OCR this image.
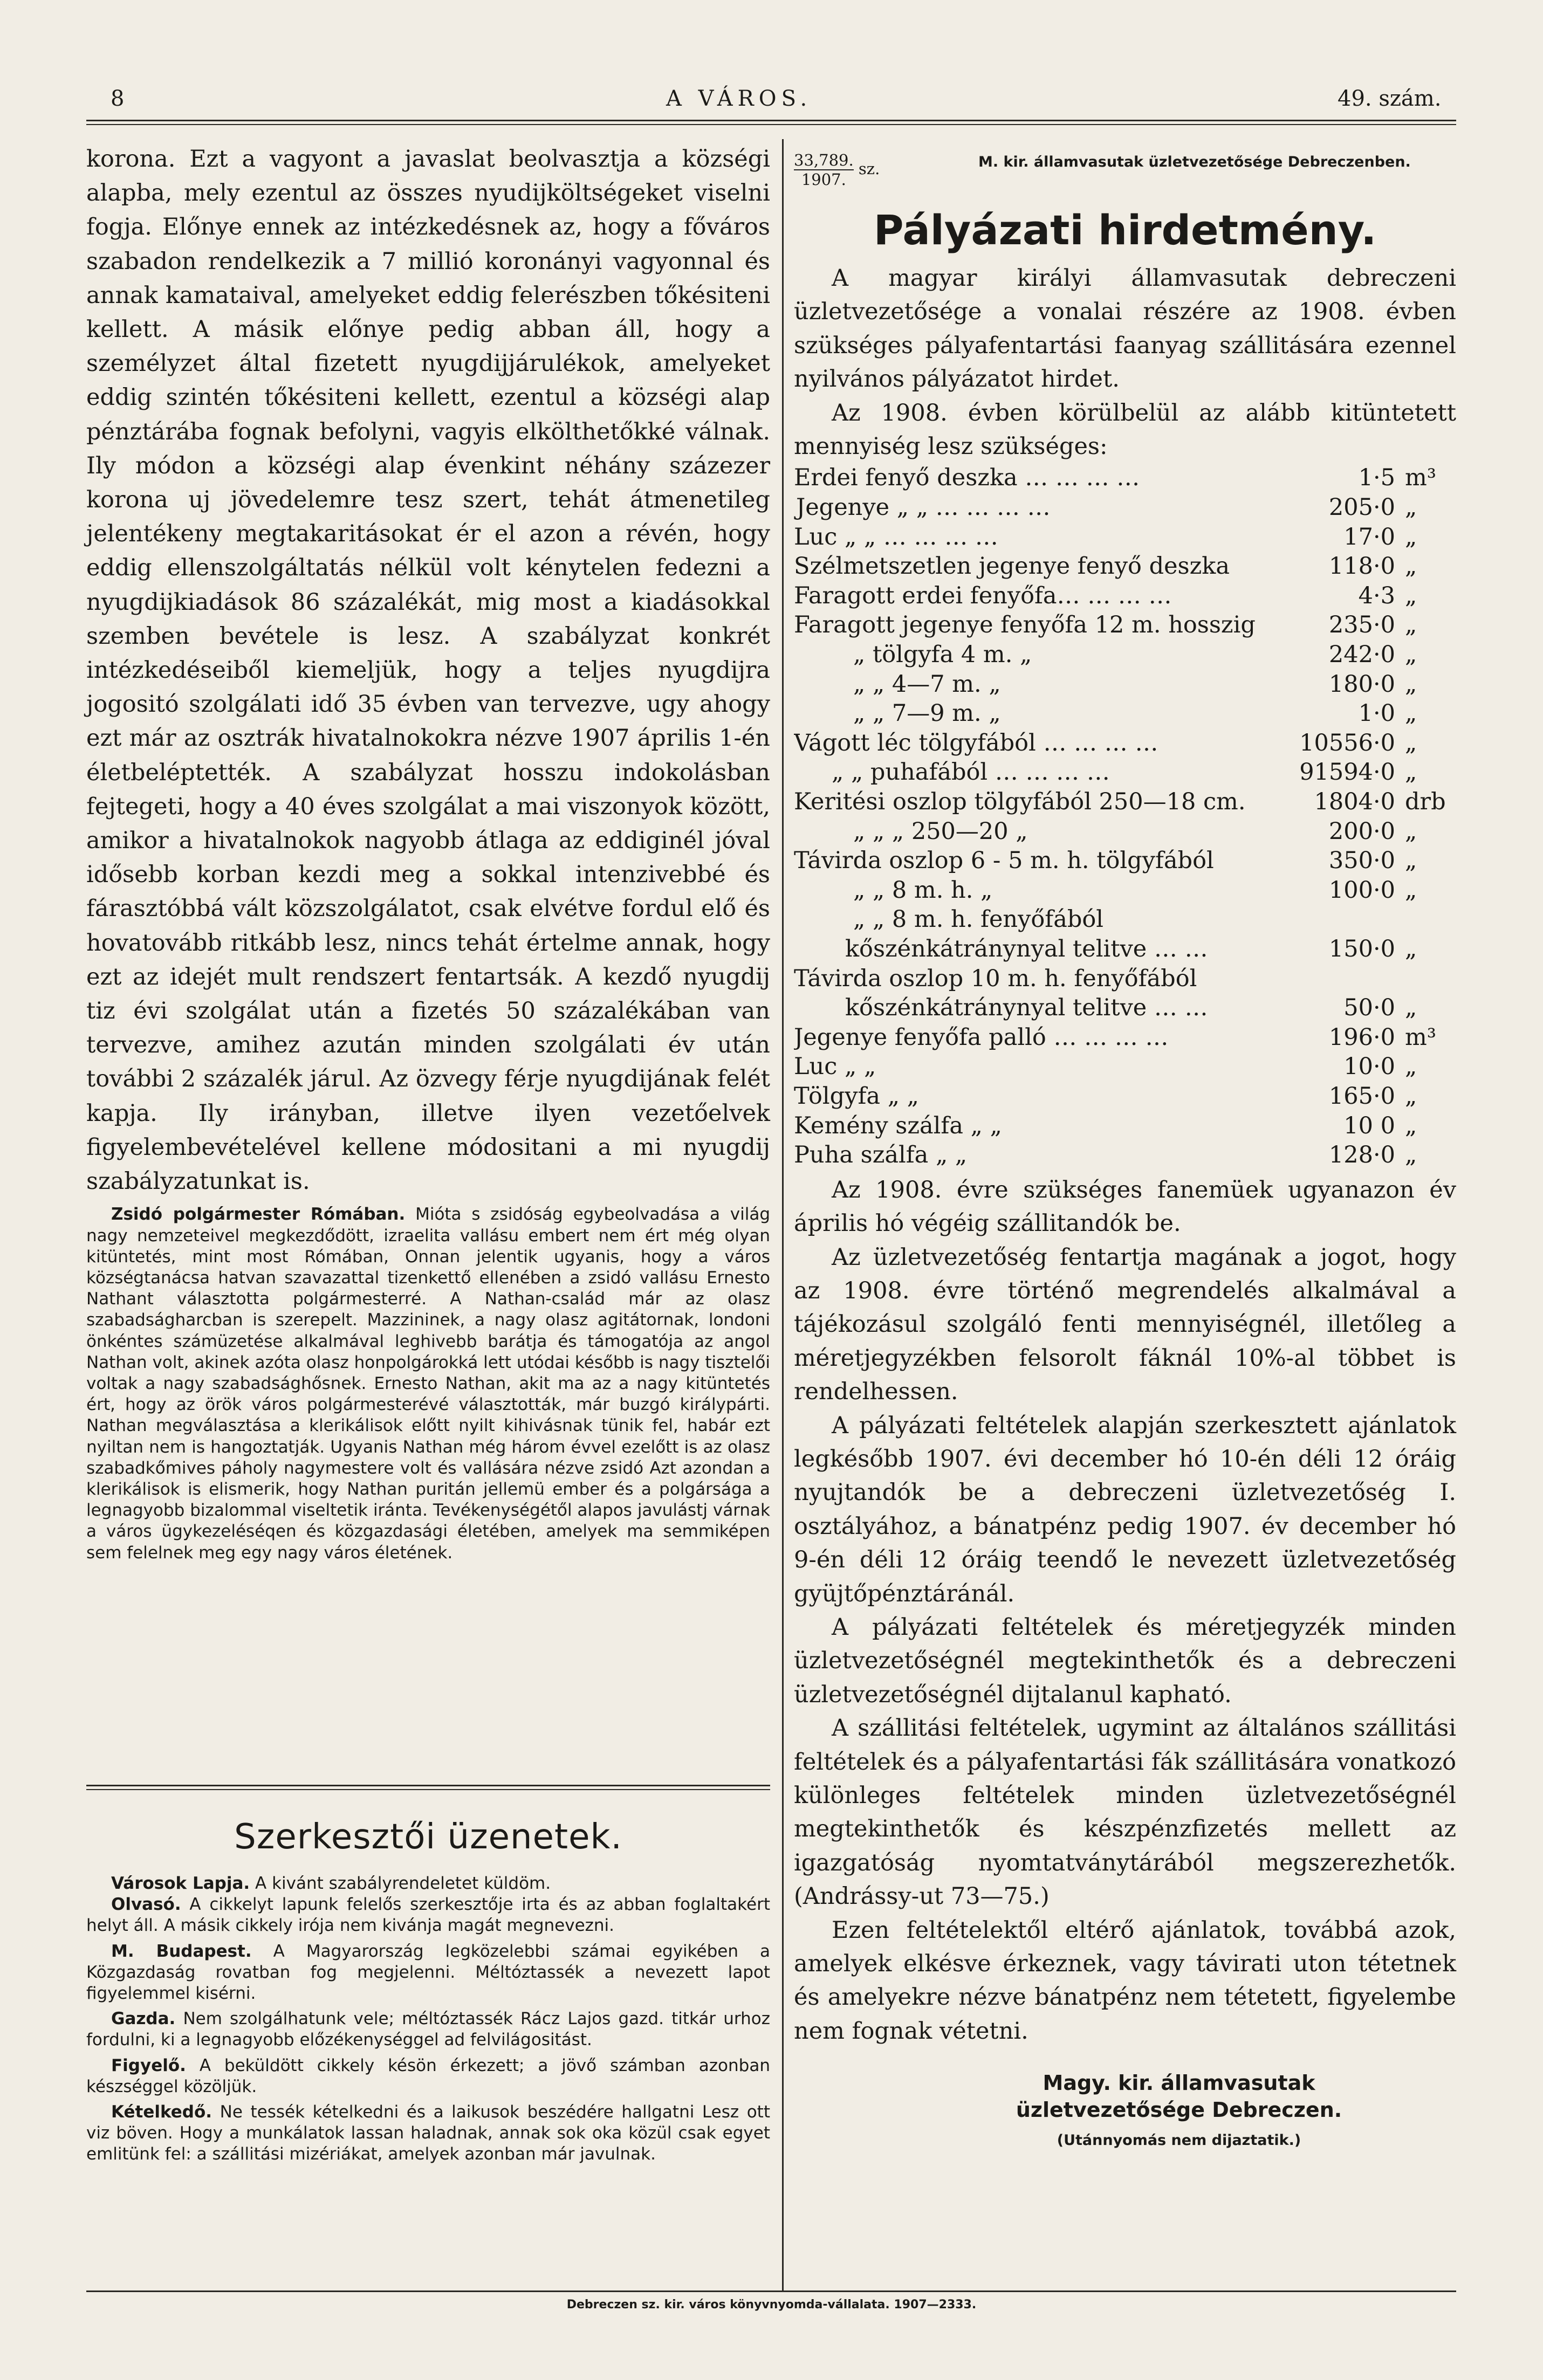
8	A VÁROS.	49. szám.

korona. Ezt a vagyont a javaslat beolvasztja a községi alapba, mely ezentul az összes nyudijköltségeket viselni fogja. Előnye ennek az intézkedésnek az, hogy a főváros szabadon rendelkezik a 7 millió koronányi vagyonnal és annak kamataival, amelyeket eddig felerészben tőkésiteni kellett. A másik előnye pedig abban áll, hogy a személyzet által fizetett nyugdijjárulékok, amelyeket eddig szintén tőkésiteni kellett, ezentul a községi alap pénztárába fognak befolyni, vagyis elkölthetőkké válnak. Ily módon a községi alap évenkint néhány százezer korona uj jövedelemre tesz szert, tehát átmenetileg jelentékeny megtakaritásokat ér el azon a révén, hogy eddig ellenszolgáltatás nélkül volt kénytelen fedezni a nyugdijkiadások 86 százalékát, mig most a kiadásokkal szemben bevétele is lesz. A szabályzat konkrét intézkedéseiből kiemeljük, hogy a teljes nyugdijra jogositó szolgálati idő 35 évben van tervezve, ugy ahogy ezt már az osztrák hivatalnokokra nézve 1907 április 1-én életbeléptették. A szabályzat hosszu indokolásban fejtegeti, hogy a 40 éves szolgálat a mai viszonyok között, amikor a hivatalnokok nagyobb átlaga az eddiginél jóval idősebb korban kezdi meg a sokkal intenzivebbé és fárasztóbbá vált közszolgálatot, csak elvétve fordul elő és hovatovább ritkább lesz, nincs tehát értelme annak, hogy ezt az idejét mult rendszert fentartsák. A kezdő nyugdij tiz évi szolgálat után a fizetés 50 százalékában van tervezve, amihez azután minden szolgálati év után további 2 százalék járul. Az özvegy férje nyugdijának felét kapja. Ily irányban, illetve ilyen vezetőelvek figyelembevételével kellene módositani a mi nyugdij szabályzatunkat is.

Zsidó polgármester Rómában. Mióta s zsidóság egybeolvadása a világ nagy nemzeteivel megkezdődött, izraelita vallásu embert nem ért még olyan kitüntetés, mint most Rómában, Onnan jelentik ugyanis, hogy a város községtanácsa hatvan szavazattal tizenkettő ellenében a zsidó vallásu Ernesto Nathant választotta polgármesterré. A Nathan-család már az olasz szabadságharcban is szerepelt. Mazzininek, a nagy olasz agitátornak, londoni önkéntes számüzetése alkalmával leghivebb barátja és támogatója az angol Nathan volt, akinek azóta olasz honpolgárokká lett utódai később is nagy tisztelői voltak a nagy szabadsághősnek. Ernesto Nathan, akit ma az a nagy kitüntetés ért, hogy az örök város polgármesterévé választották, már buzgó királypárti. Nathan megválasztása a klerikálisok előtt nyilt kihivásnak tünik fel, habár ezt nyiltan nem is hangoztatják. Ugyanis Nathan még három évvel ezelőtt is az olasz szabadkőmives páholy nagymestere volt és vallására nézve zsidó Azt azondan a klerikálisok is elismerik, hogy Nathan puritán jellemü ember és a polgársága a legnagyobb bizalommal viseltetik iránta. Tevékenységétől alapos javulástj várnak a város ügykezeléséqen és közgazdasági életében, amelyek ma semmiképen sem felelnek meg egy nagy város életének.

Szerkesztői üzenetek.

Városok Lapja. A kivánt szabályrendeletet küldöm.

Olvasó. A cikkelyt lapunk felelős szerkesztője irta és az abban foglaltakért helyt áll. A másik cikkely irója nem kivánja magát megnevezni.

M. Budapest. A Magyarország legközelebbi számai egyikében a Közgazdaság rovatban fog megjelenni. Méltóztassék a nevezett lapot figyelemmel kisérni.

Gazda. Nem szolgálhatunk vele; méltóztassék Rácz Lajos gazd. titkár urhoz fordulni, ki a legnagyobb előzékenységgel ad felvilágositást.

Figyelő. A beküldött cikkely késön érkezett; a jövő számban azonban készséggel közöljük.

Kételkedő. Ne tessék kételkedni és a laikusok beszédére hallgatni Lesz ott viz böven. Hogy a munkálatok lassan haladnak, annak sok oka közül csak egyet emlitünk fel: a szállitási mizériákat, amelyek azonban már javulnak.

$\frac{33,789.}{1907.}$ sz.	M. kir. államvasutak üzletvezetősége Debreczenben.
Pályázati hirdetmény.

A magyar királyi államvasutak debreczeni üzletvezetősége a vonalai részére az 1908. évben szükséges pályafentartási faanyag szállitására ezennel nyilvános pályázatot hirdet.

Az 1908. évben körülbelül az alább kitüntetett mennyiség lesz szükséges:

Erdei fenyő deszka … … … …	1·5	m³
Jegenye „ „ … … … …	205·0	„
Luc „ „ … … … …	17·0	„
Szélmetszetlen jegenye fenyő deszka	118·0	„
Faragott erdei fenyőfa… … … …	4·3	„
Faragott jegenye fenyőfa 12 m. hosszig	235·0	„
„ tölgyfa 4 m. „	242·0	„
„ „ 4—7 m. „	180·0	„
„ „ 7—9 m. „	1·0	„
Vágott léc tölgyfából … … … …	10556·0	„
„ „ puhafából … … … …	91594·0	„
Keritési oszlop tölgyfából 250—18 cm.	1804·0	drb
„ „ „ 250—20 „	200·0	„
Távirda oszlop 6 - 5 m. h. tölgyfából	350·0	„
„ „ 8 m. h. „	100·0	„
„ „ 8 m. h. fenyőfából		
kőszénkátránynyal telitve … …	150·0	„
Távirda oszlop 10 m. h. fenyőfából		
kőszénkátránynyal telitve … …	50·0	„
Jegenye fenyőfa palló … … … …	196·0	m³
Luc „ „	10·0	„
Tölgyfa „ „	165·0	„
Kemény szálfa „ „	10 0	„
Puha szálfa „ „	128·0	„

Az 1908. évre szükséges fanemüek ugyanazon év április hó végéig szállitandók be.

Az üzletvezetőség fentartja magának a jogot, hogy az 1908. évre történő megrendelés alkalmával a tájékozásul szolgáló fenti mennyiségnél, illetőleg a méretjegyzékben felsorolt fáknál 10%-al többet is rendelhessen.

A pályázati feltételek alapján szerkesztett ajánlatok legkésőbb 1907. évi december hó 10-én déli 12 óráig nyujtandók be a debreczeni üzletvezetőség I. osztályához, a bánatpénz pedig 1907. év december hó 9-én déli 12 óráig teendő le nevezett üzletvezetőség gyüjtőpénztáránál.

A pályázati feltételek és méretjegyzék minden üzletvezetőségnél megtekinthetők és a debreczeni üzletvezetőségnél dijtalanul kapható.

A szállitási feltételek, ugymint az általános szállitási feltételek és a pályafentartási fák szállitására vonatkozó különleges feltételek minden üzletvezetőségnél megtekinthetők és készpénzfizetés mellett az igazgatóság nyomtatványtárából megszerezhetők. (Andrássy-ut 73—75.)

Ezen feltételektől eltérő ajánlatok, továbbá azok, amelyek elkésve érkeznek, vagy távirati uton tétetnek és amelyekre nézve bánatpénz nem tétetett, figyelembe nem fognak vétetni.

Magy. kir. államvasutak
üzletvezetősége Debreczen.
(Utánnyomás nem dijaztatik.)
Debreczen sz. kir. város könyvnyomda-vállalata. 1907—2333.
